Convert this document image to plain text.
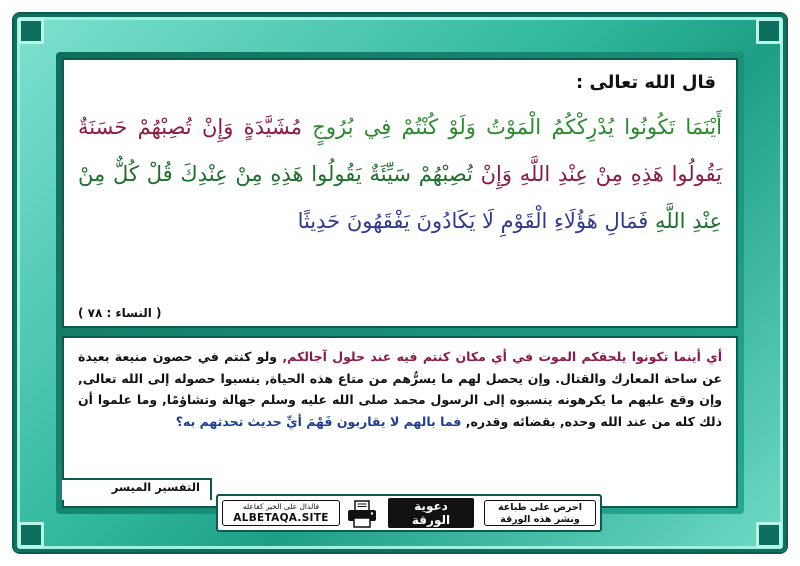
قال الله تعالى :
أَيْنَمَا تَكُونُوا يُدْرِكْكُمُ الْمَوْتُ وَلَوْ كُنْتُمْ فِي بُرُوجٍ مُشَيَّدَةٍ وَإِنْ تُصِبْهُمْ حَسَنَةٌ يَقُولُوا هَذِهِ مِنْ عِنْدِ اللَّهِ وَإِنْ تُصِبْهُمْ سَيِّئَةٌ يَقُولُوا هَذِهِ مِنْ عِنْدِكَ قُلْ كُلٌّ مِنْ عِنْدِ اللَّهِ فَمَالِ هَؤُلَاءِ الْقَوْمِ لَا يَكَادُونَ يَفْقَهُونَ حَدِيثًا
( النساء : ٧٨ )
أي أينما تكونوا يلحقكم الموت في أي مكان كنتم فيه عند حلول آجالكم, ولو كنتم في حصون منيعة بعيدة عن ساحة المعارك والقتال. وإن يحصل لهم ما يسرُّهم من متاع هذه الحياة, ينسبوا حصوله إلى الله تعالى, وإن وقع عليهم ما يكرهونه ينسبوه إلى الرسول محمد صلى الله عليه وسلم جهالة وتشاؤمًا, وما علموا أن ذلك كله من عند الله وحده, بقضائه وقدره, فما بالهم لا يقاربون فَهْمَ أيِّ حديث تحدثهم به؟
التفسير الميسر
فالدال على الخير كفاعله
ALBETAQA.SITE
دعوية
الورقة
احرص على طباعة
ونشر هذه الورقة
